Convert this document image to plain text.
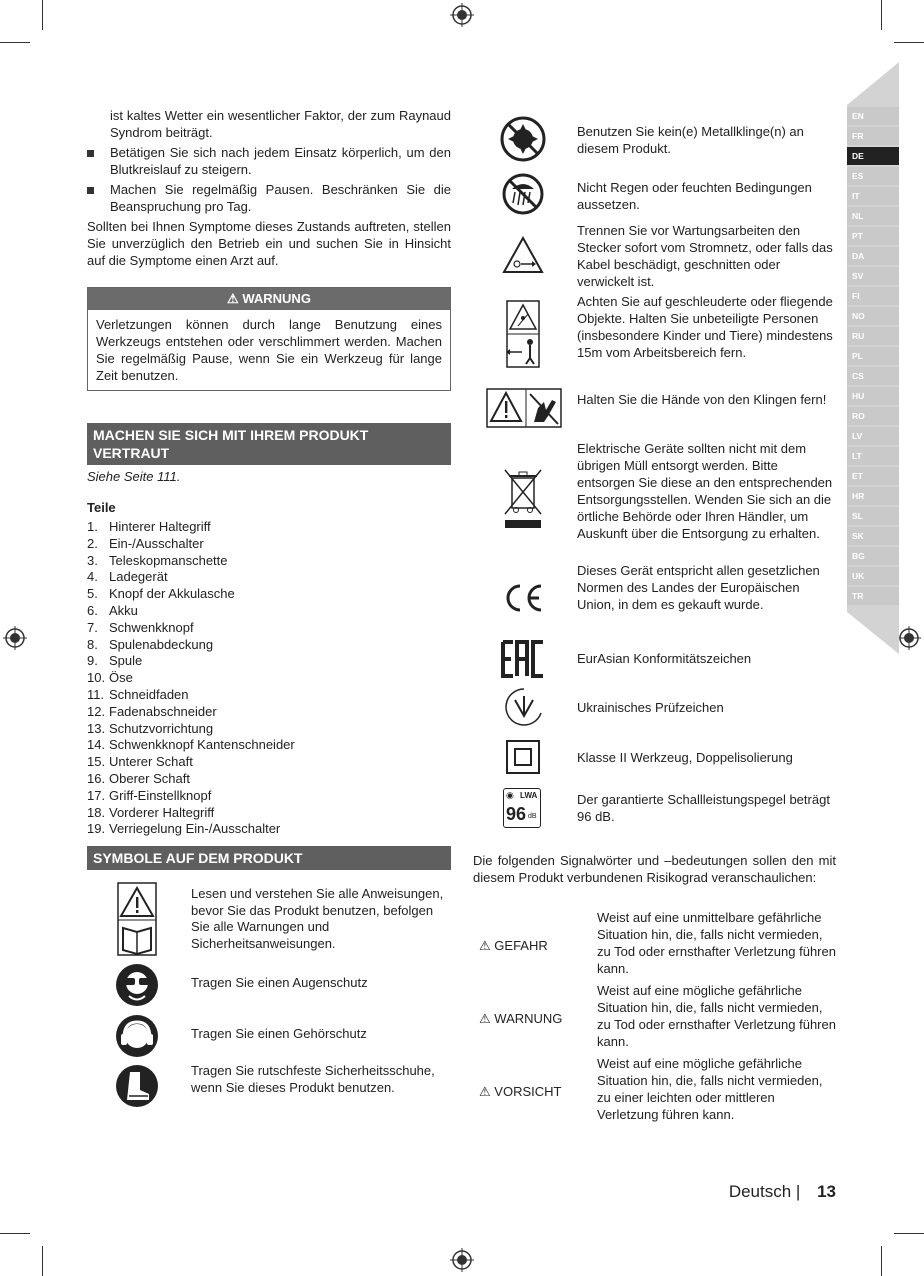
ist kaltes Wetter ein wesentlicher Faktor, der zum Raynaud Syndrom beiträgt.

Betätigen Sie sich nach jedem Einsatz körperlich, um den Blutkreislauf zu steigern.

Machen Sie regelmäßig Pausen. Beschränken Sie die Beanspruchung pro Tag.

Sollten bei Ihnen Symptome dieses Zustands auftreten, stellen Sie unverzüglich den Betrieb ein und suchen Sie in Hinsicht auf die Symptome einen Arzt auf.

⚠ WARNUNG

Verletzungen können durch lange Benutzung eines Werkzeugs entstehen oder verschlimmert werden. Machen Sie regelmäßig Pause, wenn Sie ein Werkzeug für lange Zeit benutzen.

MACHEN SIE SICH MIT IHREM PRODUKT VERTRAUT

Siehe Seite 111.

Teile

1. Hinterer Haltegriff
2. Ein-/Ausschalter
3. Teleskopmanschette
4. Ladegerät
5. Knopf der Akkulasche
6. Akku
7. Schwenkknopf
8. Spulenabdeckung
9. Spule
10. Öse
11. Schneidfaden
12. Fadenabschneider
13. Schutzvorrichtung
14. Schwenkknopf Kantenschneider
15. Unterer Schaft
16. Oberer Schaft
17. Griff-Einstellknopf
18. Vorderer Haltegriff
19. Verriegelung Ein-/Ausschalter
SYMBOLE AUF DEM PRODUKT
Lesen und verstehen Sie alle Anweisungen, bevor Sie das Produkt benutzen, befolgen Sie alle Warnungen und Sicherheitsanweisungen.
Tragen Sie einen Augenschutz
Tragen Sie einen Gehörschutz
Tragen Sie rutschfeste Sicherheitsschuhe, wenn Sie dieses Produkt benutzen.
Benutzen Sie kein(e) Metallklinge(n) an diesem Produkt.
Nicht Regen oder feuchten Bedingungen aussetzen.
Trennen Sie vor Wartungsarbeiten den Stecker sofort vom Stromnetz, oder falls das Kabel beschädigt, geschnitten oder verwickelt ist.
Achten Sie auf geschleuderte oder fliegende Objekte. Halten Sie unbeteiligte Personen (insbesondere Kinder und Tiere) mindestens 15m vom Arbeitsbereich fern.
Halten Sie die Hände von den Klingen fern!
Elektrische Geräte sollten nicht mit dem übrigen Müll entsorgt werden. Bitte entsorgen Sie diese an den entsprechenden Entsorgungsstellen. Wenden Sie sich an die örtliche Behörde oder Ihren Händler, um Auskunft über die Entsorgung zu erhalten.
Dieses Gerät entspricht allen gesetzlichen Normen des Landes der Europäischen Union, in dem es gekauft wurde.
EurAsian Konformitätszeichen
Ukrainisches Prüfzeichen
Klasse II Werkzeug, Doppelisolierung
◉ LWA
96 dB
Der garantierte Schallleistungspegel beträgt 96 dB.

Die folgenden Signalwörter und –bedeutungen sollen den mit diesem Produkt verbundenen Risikograd veranschaulichen:

⚠ GEFAHR
Weist auf eine unmittelbare gefährliche Situation hin, die, falls nicht vermieden, zu Tod oder ernsthafter Verletzung führen kann.
⚠ WARNUNG
Weist auf eine mögliche gefährliche Situation hin, die, falls nicht vermieden, zu Tod oder ernsthafter Verletzung führen kann.
⚠ VORSICHT
Weist auf eine mögliche gefährliche Situation hin, die, falls nicht vermieden, zu einer leichten oder mittleren Verletzung führen kann.
EN
FR
DE
ES
IT
NL
PT
DA
SV
FI
NO
RU
PL
CS
HU
RO
LV
LT
ET
HR
SL
SK
BG
UK
TR
Deutsch | 13
